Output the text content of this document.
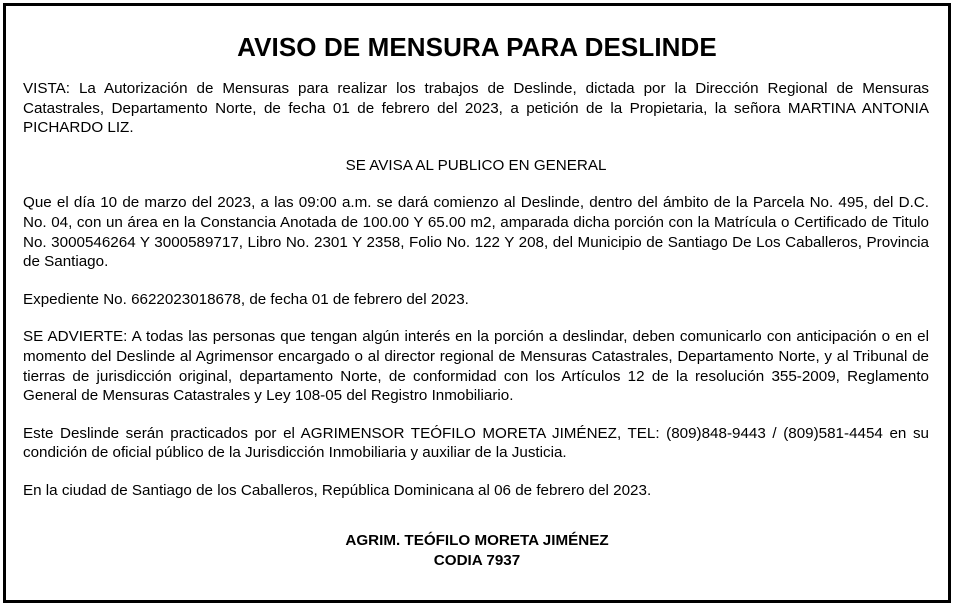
AVISO DE MENSURA PARA DESLINDE

VISTA: La Autorización de Mensuras para realizar los trabajos de Deslinde, dictada por la Dirección Regional de Mensuras Catastrales, Departamento Norte, de fecha 01 de febrero del 2023, a petición de la Propietaria, la señora MARTINA ANTONIA PICHARDO LIZ.

SE AVISA AL PUBLICO EN GENERAL

Que el día 10 de marzo del 2023, a las 09:00 a.m. se dará comienzo al Deslinde, dentro del ámbito de la Parcela No. 495, del D.C. No. 04, con un área en la Constancia Anotada de 100.00 Y 65.00 m2, amparada dicha porción con la Matrícula o Certificado de Titulo No. 3000546264 Y 3000589717, Libro No. 2301 Y 2358, Folio No. 122 Y 208, del Municipio de Santiago De Los Caballeros, Provincia de Santiago.

Expediente No. 6622023018678, de fecha 01 de febrero del 2023.

SE ADVIERTE: A todas las personas que tengan algún interés en la porción a deslindar, deben comunicarlo con anticipación o en el momento del Deslinde al Agrimensor encargado o al director regional de Mensuras Catastrales, Departamento Norte, y al Tribunal de tierras de jurisdicción original, departamento Norte, de conformidad con los Artículos 12 de la resolución 355-2009, Reglamento General de Mensuras Catastrales y Ley 108-05 del Registro Inmobiliario.

Este Deslinde serán practicados por el AGRIMENSOR TEÓFILO MORETA JIMÉNEZ, TEL: (809)848-9443 / (809)581-4454 en su condición de oficial público de la Jurisdicción Inmobiliaria y auxiliar de la Justicia.

En la ciudad de Santiago de los Caballeros, República Dominicana al 06 de febrero del 2023.

AGRIM. TEÓFILO MORETA JIMÉNEZ
CODIA 7937
